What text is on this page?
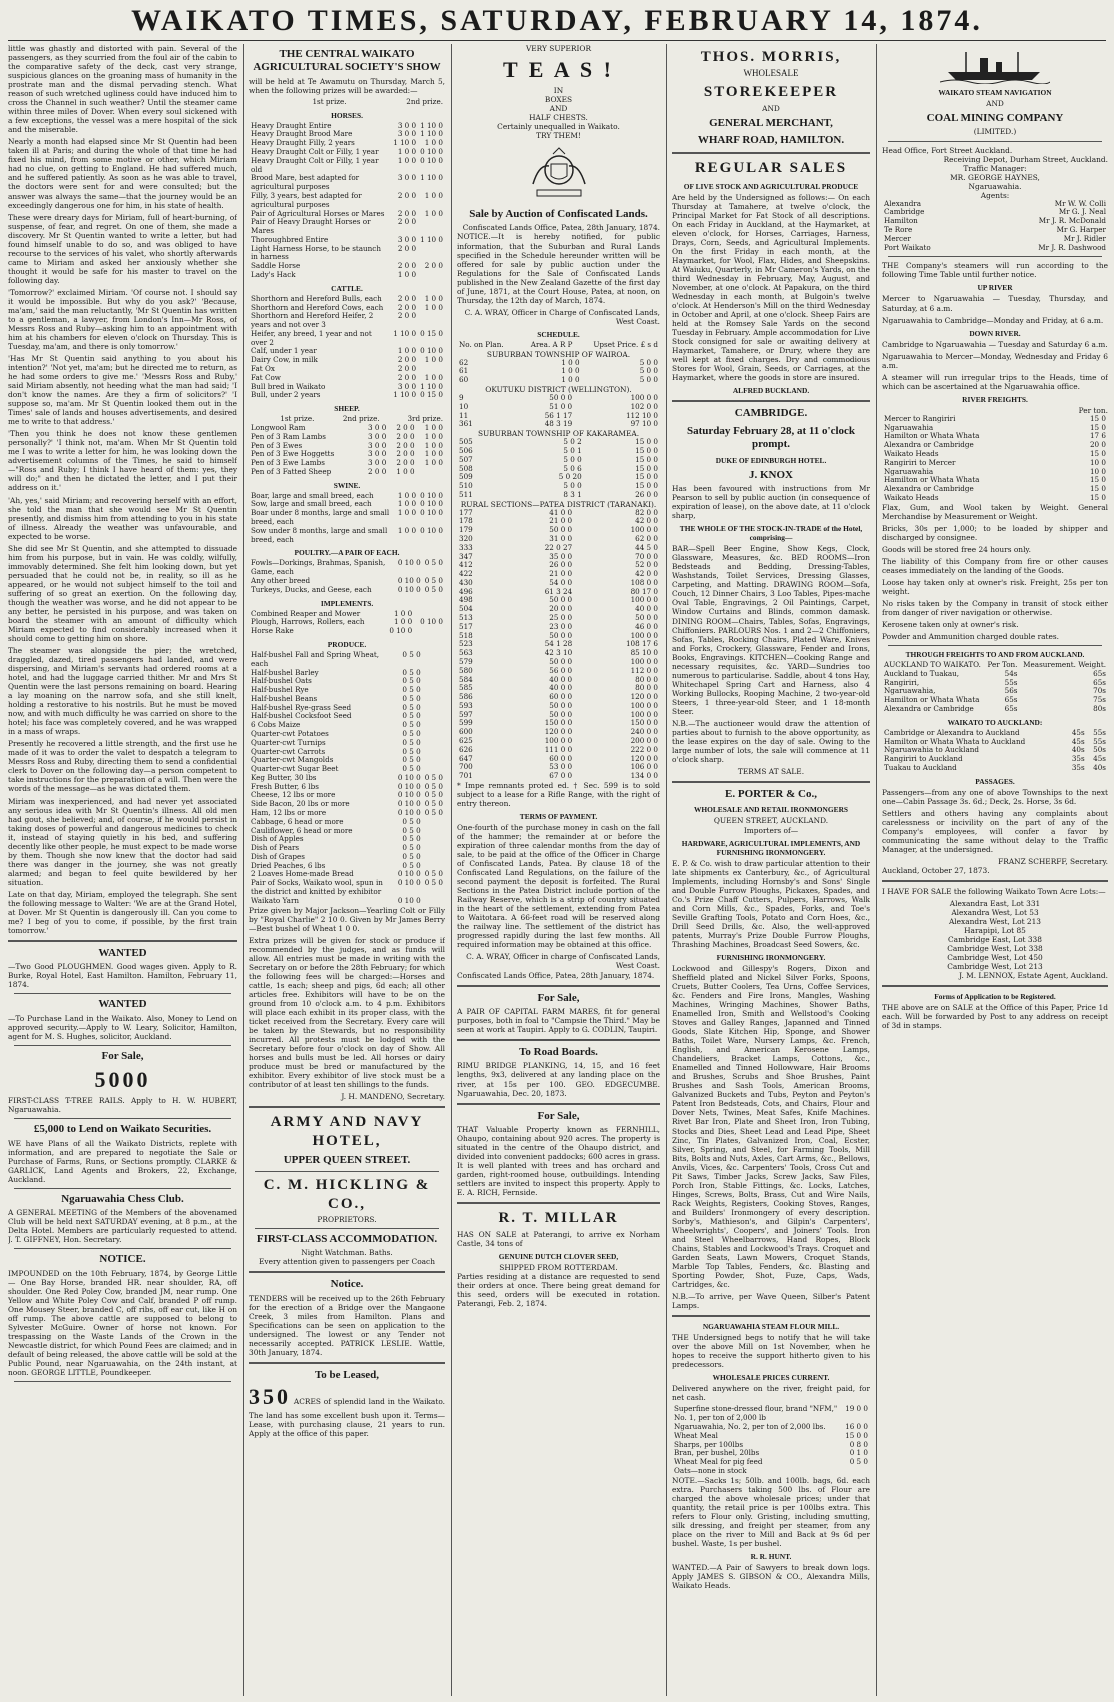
WAIKATO TIMES, SATURDAY, FEBRUARY 14, 1874.

little was ghastly and distorted with pain. Several of the passengers, as they scurried from the foul air of the cabin to the comparative safety of the deck, cast very strange, suspicious glances on the groaning mass of humanity in the prostrate man and the dismal pervading stench. What reason of such wretched ugliness could have induced him to cross the Channel in such weather? Until the steamer came within three miles of Dover. When every soul sickened with a few exceptions, the vessel was a mere hospital of the sick and the miserable.

Nearly a month had elapsed since Mr St Quentin had been taken ill at Paris; and during the whole of that time he had fixed his mind, from some motive or other, which Miriam had no clue, on getting to England. He had suffered much, and he suffered patiently. As soon as he was able to travel, the doctors were sent for and were consulted; but the answer was always the same—that the journey would be an exceedingly dangerous one for him, in his state of health.

These were dreary days for Miriam, full of heart-burning, of suspense, of fear, and regret. On one of them, she made a discovery. Mr St Quentin wanted to write a letter, but had found himself unable to do so, and was obliged to have recourse to the services of his valet, who shortly afterwards came to Miriam and asked her anxiously whether she thought it would be safe for his master to travel on the following day.

'Tomorrow?' exclaimed Miriam. 'Of course not. I should say it would be impossible. But why do you ask?' 'Because, ma'am,' said the man reluctantly, 'Mr St Quentin has written to a gentleman, a lawyer, from London's Inn—Mr Ross, of Messrs Ross and Ruby—asking him to an appointment with him at his chambers for eleven o'clock on Thursday. This is Tuesday, ma'am, and there is only tomorrow.'

'Has Mr St Quentin said anything to you about his intention?' 'Not yet, ma'am; but he directed me to return, as he had some orders to give me.' 'Messrs Ross and Ruby,' said Miriam absently, not heeding what the man had said; 'I don't know the names. Are they a firm of solicitors?' 'I suppose so, ma'am. Mr St Quentin looked them out in the Times' sale of lands and houses advertisements, and desired me to write to that address.'

'Then you think he does not know these gentlemen personally?' 'I think not, ma'am. When Mr St Quentin told me I was to write a letter for him, he was looking down the advertisement columns of the Times, he said to himself—"Ross and Ruby; I think I have heard of them: yes, they will do;" and then he dictated the letter, and I put their address on it.'

'Ah, yes,' said Miriam; and recovering herself with an effort, she told the man that she would see Mr St Quentin presently, and dismiss him from attending to you in his state of illness. Already the weather was unfavourable, and expected to be worse.

She did see Mr St Quentin, and she attempted to dissuade him from his purpose, but in vain. He was coldly, wilfully, immovably determined. She felt him looking down, but yet persuaded that he could not be, in reality, so ill as he appeared, or he would not subject himself to the toil and suffering of so great an exertion. On the following day, though the weather was worse, and he did not appear to be any better, he persisted in his purpose, and was taken on board the steamer with an amount of difficulty which Miriam expected to find considerably increased when it should come to getting him on shore.

The steamer was alongside the pier; the wretched, draggled, dazed, tired passengers had landed, and were dispersing, and Miriam's servants had ordered rooms at a hotel, and had the luggage carried thither. Mr and Mrs St Quentin were the last persons remaining on board. Hearing a lay moaning on the narrow sofa, and she still knelt, holding a restorative to his nostrils. But he must be moved now, and with much difficulty he was carried on shore to the hotel; his face was completely covered, and he was wrapped in a mass of wraps.

Presently he recovered a little strength, and the first use he made of it was to order the valet to despatch a telegram to Messrs Ross and Ruby, directing them to send a confidential clerk to Dover on the following day—a person competent to take instructions for the preparation of a will. Then were the words of the message—as he was dictated them.

Miriam was inexperienced, and had never yet associated any serious idea with Mr St Quentin's illness. All old men had gout, she believed; and, of course, if he would persist in taking doses of powerful and dangerous medicines to check it, instead of staying quietly in his bed, and suffering decently like other people, he must expect to be made worse by them. Though she now knew that the doctor had said there was danger in the journey, she was not greatly alarmed; and began to feel quite bewildered by her situation.

Late on that day, Miriam, employed the telegraph. She sent the following message to Walter: 'We are at the Grand Hotel, at Dover. Mr St Quentin is dangerously ill. Can you come to me? I beg of you to come, if possible, by the first train tomorrow.'

WANTED

—Two Good PLOUGHMEN. Good wages given. Apply to R. Burke, Royal Hotel, East Hamilton. Hamilton, February 11, 1874.

WANTED

—To Purchase Land in the Waikato. Also, Money to Lend on approved security.—Apply to W. Leary, Solicitor, Hamilton, agent for M. S. Hughes, solicitor, Auckland.

For Sale,
5000

FIRST-CLASS T-TREE RAILS. Apply to H. W. HUBERT, Ngaruawahia.

£5,000 to Lend on Waikato Securities.

WE have Plans of all the Waikato Districts, replete with information, and are prepared to negotiate the Sale or Purchase of Farms, Runs, or Sections promptly. CLARKE & GARLICK, Land Agents and Brokers, 22, Exchange, Auckland.

Ngaruawahia Chess Club.

A GENERAL MEETING of the Members of the abovenamed Club will be held next SATURDAY evening, at 8 p.m., at the Delta Hotel. Members are particularly requested to attend. J. T. GIFFNEY, Hon. Secretary.

NOTICE.

IMPOUNDED on the 10th February, 1874, by George Little— One Bay Horse, branded HR. near shoulder, RA, off shoulder. One Red Poley Cow, branded JM, near rump. One Yellow and White Poley Cow and Calf, branded P off rump. One Mousey Steer, branded C, off ribs, off ear cut, like H on off rump. The above cattle are supposed to belong to Sylvester McGuire. Owner of horse not known. For trespassing on the Waste Lands of the Crown in the Newcastle district, for which Pound Fees are claimed; and in default of being released, the above cattle will be sold at the Public Pound, near Ngaruawahia, on the 24th instant, at noon. GEORGE LITTLE, Poundkeeper.

THE CENTRAL WAIKATO AGRICULTURAL SOCIETY'S SHOW

will be held at Te Awamutu on Thursday, March 5, when the following prizes will be awarded:—

	1st prize.	2nd prize.
HORSES.
Heavy Draught Entire	3 0 0	1 10 0
Heavy Draught Brood Mare	3 0 0	1 10 0
Heavy Draught Filly, 2 years	1 10 0	1 0 0
Heavy Draught Colt or Filly, 1 year	1 0 0	0 10 0
Heavy Draught Colt or Filly, 1 year old	1 0 0	0 10 0
Brood Mare, best adapted for agricultural purposes	3 0 0	1 10 0
Filly, 3 years, best adapted for agricultural purposes	2 0 0	1 0 0
Pair of Agricultural Horses or Mares	2 0 0	1 0 0
Pair of Heavy Draught Horses or Mares	2 0 0	
Thoroughbred Entire	3 0 0	1 10 0
Light Harness Horse, to be staunch in harness	2 0 0	
Saddle Horse	2 0 0	2 0 0
Lady's Hack	1 0 0	
CATTLE.
Shorthorn and Hereford Bulls, each	2 0 0	1 0 0
Shorthorn and Hereford Cows, each	2 0 0	1 0 0
Shorthorn and Hereford Heifer, 2 years and not over 3	2 0 0	
Heifer, any breed, 1 year and not over 2	1 10 0	0 15 0
Calf, under 1 year	1 0 0	0 10 0
Dairy Cow, in milk	2 0 0	1 0 0
Fat Ox	2 0 0	
Fat Cow	2 0 0	1 0 0
Bull bred in Waikato	3 0 0	1 10 0
Bull, under 2 years	1 10 0	0 15 0
SHEEP.
	1st prize.	2nd prize.	3rd prize.
Longwool Ram	3 0 0	2 0 0	1 0 0
Pen of 3 Ram Lambs	3 0 0	2 0 0	1 0 0
Pen of 3 Ewes	3 0 0	2 0 0	1 0 0
Pen of 3 Ewe Hoggetts	3 0 0	2 0 0	1 0 0
Pen of 3 Ewe Lambs	3 0 0	2 0 0	1 0 0
Pen of 3 Fatted Sheep	2 0 0	1 0 0	
SWINE.
Boar, large and small breed, each	1 0 0	0 10 0
Sow, large and small breed, each	1 0 0	0 10 0
Boar under 8 months, large and small breed, each	1 0 0	0 10 0
Sow under 8 months, large and small breed, each	1 0 0	0 10 0
POULTRY.—A PAIR OF EACH.
Fowls—Dorkings, Brahmas, Spanish, Game, each	0 10 0	0 5 0
Any other breed	0 10 0	0 5 0
Turkeys, Ducks, and Geese, each	0 10 0	0 5 0
IMPLEMENTS.
Combined Reaper and Mower	1 0 0	
Plough, Harrows, Rollers, each	1 0 0	0 10 0
Horse Rake	0 10 0	
PRODUCE.
Half-bushel Fall and Spring Wheat, each	0 5 0	
Half-bushel Barley	0 5 0	
Half-bushel Oats	0 5 0	
Half-bushel Rye	0 5 0	
Half-bushel Beans	0 5 0	
Half-bushel Rye-grass Seed	0 5 0	
Half-bushel Cocksfoot Seed	0 5 0	
6 Cobs Maize	0 5 0	
Quarter-cwt Potatoes	0 5 0	
Quarter-cwt Turnips	0 5 0	
Quarter-cwt Carrots	0 5 0	
Quarter-cwt Mangolds	0 5 0	
Quarter-cwt Sugar Beet	0 5 0	
Keg Butter, 30 lbs	0 10 0	0 5 0
Fresh Butter, 6 lbs	0 10 0	0 5 0
Cheese, 12 lbs or more	0 10 0	0 5 0
Side Bacon, 20 lbs or more	0 10 0	0 5 0
Ham, 12 lbs or more	0 10 0	0 5 0
Cabbage, 6 head or more	0 5 0	
Cauliflower, 6 head or more	0 5 0	
Dish of Apples	0 5 0	
Dish of Pears	0 5 0	
Dish of Grapes	0 5 0	
Dried Peaches, 6 lbs	0 5 0	
2 Loaves Home-made Bread	0 10 0	0 5 0
Pair of Socks, Waikato wool, spun in the district and knitted by exhibitor	0 10 0	0 5 0
Waikato Yarn	0 10 0	

Prize given by Major Jackson—Yearling Colt or Filly by "Royal Charlie" 2 10 0. Given by Mr James Berry—Best bushel of Wheat 1 0 0.

Extra prizes will be given for stock or produce if recommended by the judges, and as funds will allow. All entries must be made in writing with the Secretary on or before the 28th February; for which the following fees will be charged:—Horses and cattle, 1s each; sheep and pigs, 6d each; all other articles free. Exhibitors will have to be on the ground from 10 o'clock a.m. to 4 p.m. Exhibitors will place each exhibit in its proper class, with the ticket received from the Secretary. Every care will be taken by the Stewards, but no responsibility incurred. All protests must be lodged with the Secretary before four o'clock on day of Show. All horses and bulls must be led. All horses or dairy produce must be bred or manufactured by the exhibitor. Every exhibitor of live stock must be a contributor of at least ten shillings to the funds.

J. H. MANDENO, Secretary.
ARMY AND NAVY HOTEL,
UPPER QUEEN STREET.
C. M. HICKLING & CO.,
PROPRIETORS.
FIRST-CLASS ACCOMMODATION.
Night Watchman. Baths.
Every attention given to passengers per Coach
Notice.

TENDERS will be received up to the 26th February for the erection of a Bridge over the Mangaone Creek, 3 miles from Hamilton. Plans and Specifications can be seen on application to the undersigned. The lowest or any Tender not necessarily accepted. PATRICK LESLIE. Wattle, 30th January, 1874.

To be Leased,

350 ACRES of splendid land in the Waikato. The land has some excellent bush upon it. Terms—Lease, with purchasing clause, 21 years to run. Apply at the office of this paper.

VERY SUPERIOR
T E A S !
IN
BOXES
AND
HALF CHESTS.
Certainly unequalled in Waikato.
TRY THEM!
Sale by Auction of Confiscated Lands.
Confiscated Lands Office, Patea, 28th January, 1874.

NOTICE.—It is hereby notified, for public information, that the Suburban and Rural Lands specified in the Schedule hereunder written will be offered for sale by public auction under the Regulations for the Sale of Confiscated Lands published in the New Zealand Gazette of the first day of June, 1871, at the Court House, Patea, at noon, on Thursday, the 12th day of March, 1874.

C. A. WRAY, Officer in Charge of Confiscated Lands, West Coast.
SCHEDULE.
No. on Plan.	Area. A R P	Upset Price. £ s d
SUBURBAN TOWNSHIP OF WAIROA.
62	1 0 0	5 0 0
61	1 0 0	5 0 0
60	1 0 0	5 0 0
OKUTUKU DISTRICT (WELLINGTON).
9	50 0 0	100 0 0
10	51 0 0	102 0 0
11	56 1 17	112 10 0
361	48 3 19	97 10 0
SUBURBAN TOWNSHIP OF KAKARAMEA.
505	5 0 2	15 0 0
506	5 0 1	15 0 0
507	5 0 0	15 0 0
508	5 0 6	15 0 0
509	5 0 20	15 0 0
510	5 0 0	15 0 0
511	8 3 1	26 0 0
RURAL SECTIONS—PATEA DISTRICT (TARANAKI).
177	41 0 0	82 0 0
178	21 0 0	42 0 0
179	50 0 0	100 0 0
320	31 0 0	62 0 0
333	22 0 27	44 5 0
347	35 0 0	70 0 0
412	26 0 0	52 0 0
422	21 0 0	42 0 0
430	54 0 0	108 0 0
496	61 3 24	80 17 0
498	50 0 0	100 0 0
504	20 0 0	40 0 0
513	25 0 0	50 0 0
517	23 0 0	46 0 0
518	50 0 0	100 0 0
523	54 1 28	108 17 6
563	42 3 10	85 10 0
579	50 0 0	100 0 0
580	56 0 0	112 0 0
584	40 0 0	80 0 0
585	40 0 0	80 0 0
586	60 0 0	120 0 0
593	50 0 0	100 0 0
597	50 0 0	100 0 0
599	150 0 0	150 0 0
600	120 0 0	240 0 0
625	100 0 0	200 0 0
626	111 0 0	222 0 0
647	60 0 0	120 0 0
700	53 0 0	106 0 0
701	67 0 0	134 0 0

* Impe remnants proted ed. † Sec. 599 is to sold subject to a lease for a Rifle Range, with the right of entry thereon.

TERMS OF PAYMENT.

One-fourth of the purchase money in cash on the fall of the hammer; the remainder at or before the expiration of three calendar months from the day of sale, to be paid at the office of the Officer in Charge of Confiscated Lands, Patea. By clause 18 of the Confiscated Land Regulations, on the failure of the second payment the deposit is forfeited. The Rural Sections in the Patea District include portion of the Railway Reserve, which is a strip of country situated in the heart of the settlement, extending from Patea to Waitotara. A 66-feet road will be reserved along the railway line. The settlement of the district has progressed rapidly during the last few months. All required information may be obtained at this office.

C. A. WRAY, Officer in charge of Confiscated Lands, West Coast.
Confiscated Lands Office, Patea, 28th January, 1874.
For Sale,

A PAIR OF CAPITAL FARM MARES, fit for general purposes, both in foal to "Campsie the Third." May be seen at work at Taupiri. Apply to G. CODLIN, Taupiri.

To Road Boards.

RIMU BRIDGE PLANKING, 14, 15, and 16 feet lengths, 9x3, delivered at any landing place on the river, at 15s per 100. GEO. EDGECUMBE. Ngaruawahia, Dec. 20, 1873.

For Sale,

THAT Valuable Property known as FERNHILL, Ohaupo, containing about 920 acres. The property is situated in the centre of the Ohaupo district, and divided into convenient paddocks; 600 acres in grass. It is well planted with trees and has orchard and garden, right-roomed house, outbuildings. Intending settlers are invited to inspect this property. Apply to E. A. RICH, Fernside.

R. T. MILLAR

HAS ON SALE at Paterangi, to arrive ex Norham Castle, 34 tons of

GENUINE DUTCH CLOVER SEED,
SHIPPED FROM ROTTERDAM.

Parties residing at a distance are requested to send their orders at once. There being great demand for this seed, orders will be executed in rotation. Paterangi, Feb. 2, 1874.

THOS. MORRIS,
WHOLESALE
STOREKEEPER
AND
GENERAL MERCHANT,
WHARF ROAD, HAMILTON.
REGULAR SALES
OF LIVE STOCK AND AGRICULTURAL PRODUCE

Are held by the Undersigned as follows:— On each Thursday at Tamahere, at twelve o'clock, the Principal Market for Fat Stock of all descriptions. On each Friday in Auckland, at the Haymarket, at eleven o'clock, for Horses, Carriages, Harness, Drays, Corn, Seeds, and Agricultural Implements. On the first Friday in each month, at the Haymarket, for Wool, Flax, Hides, and Sheepskins. At Waiuku, Quarterly, in Mr Cameron's Yards, on the third Wednesday in February, May, August, and November, at one o'clock. At Papakura, on the third Wednesday in each month, at Bulgoin's twelve o'clock. At Henderson's Mill on the third Wednesday in October and April, at one o'clock. Sheep Fairs are held at the Romsey Sale Yards on the second Tuesday in February. Ample accommodation for Live Stock consigned for sale or awaiting delivery at Haymarket, Tamahere, or Drury, where they are well kept at fixed charges. Dry and commodious Stores for Wool, Grain, Seeds, or Carriages, at the Haymarket, where the goods in store are insured.

ALFRED BUCKLAND.
CAMBRIDGE.
Saturday February 28, at 11 o'clock prompt.
DUKE OF EDINBURGH HOTEL.
J. KNOX

Has been favoured with instructions from Mr Pearson to sell by public auction (in consequence of expiration of lease), on the above date, at 11 o'clock sharp,

THE WHOLE OF THE STOCK-IN-TRADE of the Hotel, comprising—

BAR—Spell Beer Engine, Show Kegs, Clock, Glassware, Measures, &c. BED ROOMS—Iron Bedsteads and Bedding, Dressing-Tables, Washstands, Toilet Services, Dressing Glasses, Carpeting, and Matting. DRAWING ROOM—Sofa, Couch, 12 Dinner Chairs, 3 Loo Tables, Pipes-mache Oval Table, Engravings, 2 Oil Paintings, Carpet, Window Curtains and Blinds, common damask. DINING ROOM—Chairs, Tables, Sofas, Engravings, Chiffoniers. PARLOURS Nos. 1 and 2—2 Chiffoniers, Sofas, Tables, Rocking Chairs, Plated Ware, Knives and Forks, Crockery, Glassware, Fender and Irons, Books, Engravings. KITCHEN—Cooking Range and necessary requisites, &c. YARD—Sundries too numerous to particularise. Saddle, about 4 tons Hay, Whitechapel Spring Cart and Harness, also 4 Working Bullocks, Rooping Machine, 2 two-year-old Steers, 1 three-year-old Steer, and 1 18-month Steer.

N.B.—The auctioneer would draw the attention of parties about to furnish to the above opportunity, as the lease expires on the day of sale. Owing to the large number of lots, the sale will commence at 11 o'clock sharp.

TERMS AT SALE.
E. PORTER & Co.,
WHOLESALE AND RETAIL IRONMONGERS
QUEEN STREET, AUCKLAND.
Importers of—
HARDWARE, AGRICULTURAL IMPLEMENTS, AND FURNISHING IRONMONGERY.

E. P. & Co. wish to draw particular attention to their late shipments ex Canterbury, &c., of Agricultural Implements, including Hornsby's and Sons' Single and Double Furrow Ploughs, Pickaxes, Spades, and Co.'s Prize Chaff Cutters, Pulpers, Harrows, Walk and Corn Mills, &c., Spades, Forks, and Toe's Seville Grafting Tools, Potato and Corn Hoes, &c., Drill Seed Drills, &c. Also, the well-approved patents, Murray's Prize Double Furrow Ploughs, Thrashing Machines, Broadcast Seed Sowers, &c.

FURNISHING IRONMONGERY.

Lockwood and Gillespy's Rogers, Dixon and Sheffield plated and Nickel Silver Forks, Spoons, Cruets, Butter Coolers, Tea Urns, Coffee Services, &c. Fenders and Fire Irons, Mangles, Washing Machines, Wringing Machines, Shower Baths, Enamelled Iron, Smith and Wellstood's Cooking Stoves and Galley Ranges, Japanned and Tinned Goods, Slate Kitchen Hip, Sponge, and Shower Baths, Toilet Ware, Nursery Lamps, &c. French, English, and American Kerosene Lamps, Chandeliers, Bracket Lamps, Cottons, &c., Enamelled and Tinned Hollowware, Hair Brooms and Brushes, Scrubs and Shoe Brushes, Paint Brushes and Sash Tools, American Brooms, Galvanized Buckets and Tubs, Peyton and Peyton's Patent Iron Bedsteads, Cots, and Chairs, Flour and Dover Nets, Twines, Meat Safes, Knife Machines. Rivet Bar Iron, Plate and Sheet Iron, Iron Tubing, Stocks and Dies, Sheet Lead and Lead Pipe, Sheet Zinc, Tin Plates, Galvanized Iron, Coal, Ecster, Silver, Spring, and Steel, for Farming Tools, Mill Bits, Bolts and Nuts, Axles, Cart Arms, &c., Bellows, Anvils, Vices, &c. Carpenters' Tools, Cross Cut and Pit Saws, Timber Jacks, Screw Jacks, Saw Files, Porch Iron, Stable Fittings, &c. Locks, Latches, Hinges, Screws, Bolts, Brass, Cut and Wire Nails, Rack Weights, Registers, Cooking Stoves, Ranges, and Builders' Ironmongery of every description. Sorby's, Mathieson's, and Gilpin's Carpenters', Wheelwrights', Coopers', and Joiners' Tools. Iron and Steel Wheelbarrows, Hand Ropes, Block Chains, Stables and Lockwood's Trays. Croquet and Garden Seats, Lawn Mowers, Croquet Stands, Marble Top Tables, Fenders, &c. Blasting and Sporting Powder, Shot, Fuze, Caps, Wads, Cartridges, &c.

N.B.—To arrive, per Wave Queen, Silber's Patent Lamps.

NGARUAWAHIA STEAM FLOUR MILL.

THE Undersigned begs to notify that he will take over the above Mill on 1st November, when he hopes to receive the support hitherto given to his predecessors.

WHOLESALE PRICES CURRENT.

Delivered anywhere on the river, freight paid, for net cash.

Superfine stone-dressed flour, brand "NFM," No. 1, per ton of 2,000 lb	19 0 0
Ngaruawahia, No. 2, per ton of 2,000 lbs.	16 0 0
Wheat Meal	15 0 0
Sharps, per 100lbs	0 8 0
Bran, per bushel, 20lbs	0 1 0
Wheat Meal for pig feed	0 5 0
Oats—none in stock	

NOTE.—Sacks 1s; 50lb. and 100lb. bags, 6d. each extra. Purchasers taking 500 lbs. of Flour are charged the above wholesale prices; under that quantity, the retail price is per 100lbs extra. This refers to Flour only. Gristing, including smutting, silk dressing, and freight per steamer, from any place on the river to Mill and Back at 9s 6d per bushel. Waste, 1s per bushel.

R. R. HUNT.

WANTED.—A Pair of Sawyers to break down logs. Apply JAMES S. GIBSON & CO., Alexandra Mills, Waikato Heads.

WAIKATO STEAM NAVIGATION
AND
COAL MINING COMPANY
(LIMITED.)
Head Office, Fort Street Auckland.
Receiving Depot, Durham Street, Auckland.
Traffic Manager:
MR. GEORGE HAYNES,
Ngaruawahia.
Agents:
Alexandra	Mr W. W. Colli
Cambridge	Mr G. J. Neal
Hamilton	Mr J. R. McDonald
Te Rore	Mr G. Harper
Mercer	Mr J. Ridler
Port Waikato	Mr J. R. Dashwood

THE Company's steamers will run according to the following Time Table until further notice.

UP RIVER

Mercer to Ngaruawahia — Tuesday, Thursday, and Saturday, at 6 a.m.

Ngaruawahia to Cambridge—Monday and Friday, at 6 a.m.

DOWN RIVER.

Cambridge to Ngaruawahia — Tuesday and Saturday 6 a.m.

Ngaruawahia to Mercer—Monday, Wednesday and Friday 6 a.m.

A steamer will run irregular trips to the Heads, time of which can be ascertained at the Ngaruawahia office.

RIVER FREIGHTS.
Per ton.
Mercer to Rangiriri	15 0
Ngaruawahia	15 0
Hamilton or Whata Whata	17 6
Alexandra or Cambridge	20 0
Waikato Heads	15 0
Rangiriri to Mercer	10 0
Ngaruawahia	10 0
Hamilton or Whata Whata	15 0
Alexandra or Cambridge	15 0
Waikato Heads	15 0

Flax, Gum, and Wool taken by Weight. General Merchandise by Measurement or Weight.

Bricks, 30s per 1,000; to be loaded by shipper and discharged by consignee.

Goods will be stored free 24 hours only.

The liability of this Company from fire or other causes ceases immediately on the landing of the Goods.

Loose hay taken only at owner's risk. Freight, 25s per ton weight.

No risks taken by the Company in transit of stock either from danger of river navigation or otherwise.

Kerosene taken only at owner's risk.

Powder and Ammunition charged double rates.

THROUGH FREIGHTS TO AND FROM AUCKLAND.
AUCKLAND TO WAIKATO.	Per Ton.	Measurement. Weight.
Auckland to Tuakau,	54s	65s
Rangiriri,	55s	65s
Ngaruawahia,	56s	70s
Hamilton or Whata Whata	65s	75s
Alexandra or Cambridge	65s	80s
WAIKATO TO AUCKLAND:
Cambridge or Alexandra to Auckland	45s	55s
Hamilton or Whata Whata to Auckland	45s	55s
Ngaruawahia to Auckland	40s	50s
Rangiriri to Auckland	35s	45s
Tuakau to Auckland	35s	40s
PASSAGES.

Passengers—from any one of above Townships to the next one—Cabin Passage 3s. 6d.; Deck, 2s. Horse, 3s 6d.

Settlers and others having any complaints about carelessness or incivility on the part of any of the Company's employees, will confer a favor by communicating the same without delay to the Traffic Manager, at the undersigned.

FRANZ SCHERFF, Secretary.
Auckland, October 27, 1873.

I HAVE FOR SALE the following Waikato Town Acre Lots:—

Alexandra East, Lot 331
Alexandra West, Lot 53
Alexandra West, Lot 213
Harapipi, Lot 85
Cambridge East, Lot 338
Cambridge West, Lot 338
Cambridge West, Lot 450
Cambridge West, Lot 213
J. M. LENNOX, Estate Agent, Auckland.
Forms of Application to be Registered.

THE above are on SALE at the Office of this Paper, Price 1d each. Will be forwarded by Post to any address on receipt of 3d in stamps.
